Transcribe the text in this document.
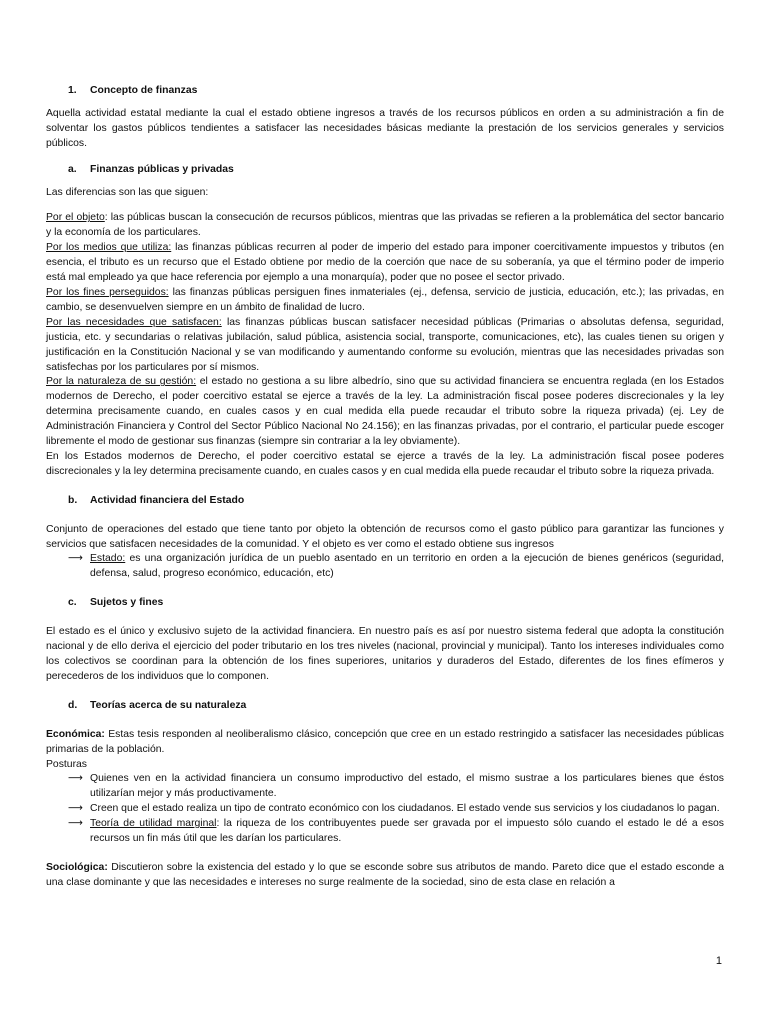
1. Concepto de finanzas

Aquella actividad estatal mediante la cual el estado obtiene ingresos a través de los recursos públicos en orden a su administración a fin de solventar los gastos públicos tendientes a satisfacer las necesidades básicas mediante la prestación de los servicios generales y servicios públicos.

a. Finanzas públicas y privadas

Las diferencias son las que siguen:

Por el objeto: las públicas buscan la consecución de recursos públicos, mientras que las privadas se refieren a la problemática del sector bancario y la economía de los particulares.

Por los medios que utiliza: las finanzas públicas recurren al poder de imperio del estado para imponer coercitivamente impuestos y tributos (en esencia, el tributo es un recurso que el Estado obtiene por medio de la coerción que nace de su soberanía, ya que el término poder de imperio está mal empleado ya que hace referencia por ejemplo a una monarquía), poder que no posee el sector privado.

Por los fines perseguidos: las finanzas públicas persiguen fines inmateriales (ej., defensa, servicio de justicia, educación, etc.); las privadas, en cambio, se desenvuelven siempre en un ámbito de finalidad de lucro.

Por las necesidades que satisfacen: las finanzas públicas buscan satisfacer necesidad públicas (Primarias o absolutas defensa, seguridad, justicia, etc. y secundarias o relativas jubilación, salud pública, asistencia social, transporte, comunicaciones, etc), las cuales tienen su origen y justificación en la Constitución Nacional y se van modificando y aumentando conforme su evolución, mientras que las necesidades privadas son satisfechas por los particulares por sí mismos.

Por la naturaleza de su gestión: el estado no gestiona a su libre albedrío, sino que su actividad financiera se encuentra reglada (en los Estados modernos de Derecho, el poder coercitivo estatal se ejerce a través de la ley. La administración fiscal posee poderes discrecionales y la ley determina precisamente cuando, en cuales casos y en cual medida ella puede recaudar el tributo sobre la riqueza privada) (ej. Ley de Administración Financiera y Control del Sector Público Nacional No 24.156); en las finanzas privadas, por el contrario, el particular puede escoger libremente el modo de gestionar sus finanzas (siempre sin contrariar a la ley obviamente).

En los Estados modernos de Derecho, el poder coercitivo estatal se ejerce a través de la ley. La administración fiscal posee poderes discrecionales y la ley determina precisamente cuando, en cuales casos y en cual medida ella puede recaudar el tributo sobre la riqueza privada.

b. Actividad financiera del Estado

Conjunto de operaciones del estado que tiene tanto por objeto la obtención de recursos como el gasto público para garantizar las funciones y servicios que satisfacen necesidades de la comunidad. Y el objeto es ver como el estado obtiene sus ingresos

⟶ Estado: es una organización jurídica de un pueblo asentado en un territorio en orden a la ejecución de bienes genéricos (seguridad, defensa, salud, progreso económico, educación, etc)

c. Sujetos y fines

El estado es el único y exclusivo sujeto de la actividad financiera. En nuestro país es así por nuestro sistema federal que adopta la constitución nacional y de ello deriva el ejercicio del poder tributario en los tres niveles (nacional, provincial y municipal). Tanto los intereses individuales como los colectivos se coordinan para la obtención de los fines superiores, unitarios y duraderos del Estado, diferentes de los fines efímeros y perecederos de los individuos que lo componen.

d. Teorías acerca de su naturaleza

Económica: Estas tesis responden al neoliberalismo clásico, concepción que cree en un estado restringido a satisfacer las necesidades públicas primarias de la población.

Posturas

⟶ Quienes ven en la actividad financiera un consumo improductivo del estado, el mismo sustrae a los particulares bienes que éstos utilizarían mejor y más productivamente.
⟶ Creen que el estado realiza un tipo de contrato económico con los ciudadanos. El estado vende sus servicios y los ciudadanos lo pagan.
⟶ Teoría de utilidad marginal: la riqueza de los contribuyentes puede ser gravada por el impuesto sólo cuando el estado le dé a esos recursos un fin más útil que les darían los particulares.

Sociológica: Discutieron sobre la existencia del estado y lo que se esconde sobre sus atributos de mando. Pareto dice que el estado esconde a una clase dominante y que las necesidades e intereses no surge realmente de la sociedad, sino de esta clase en relación a

1
